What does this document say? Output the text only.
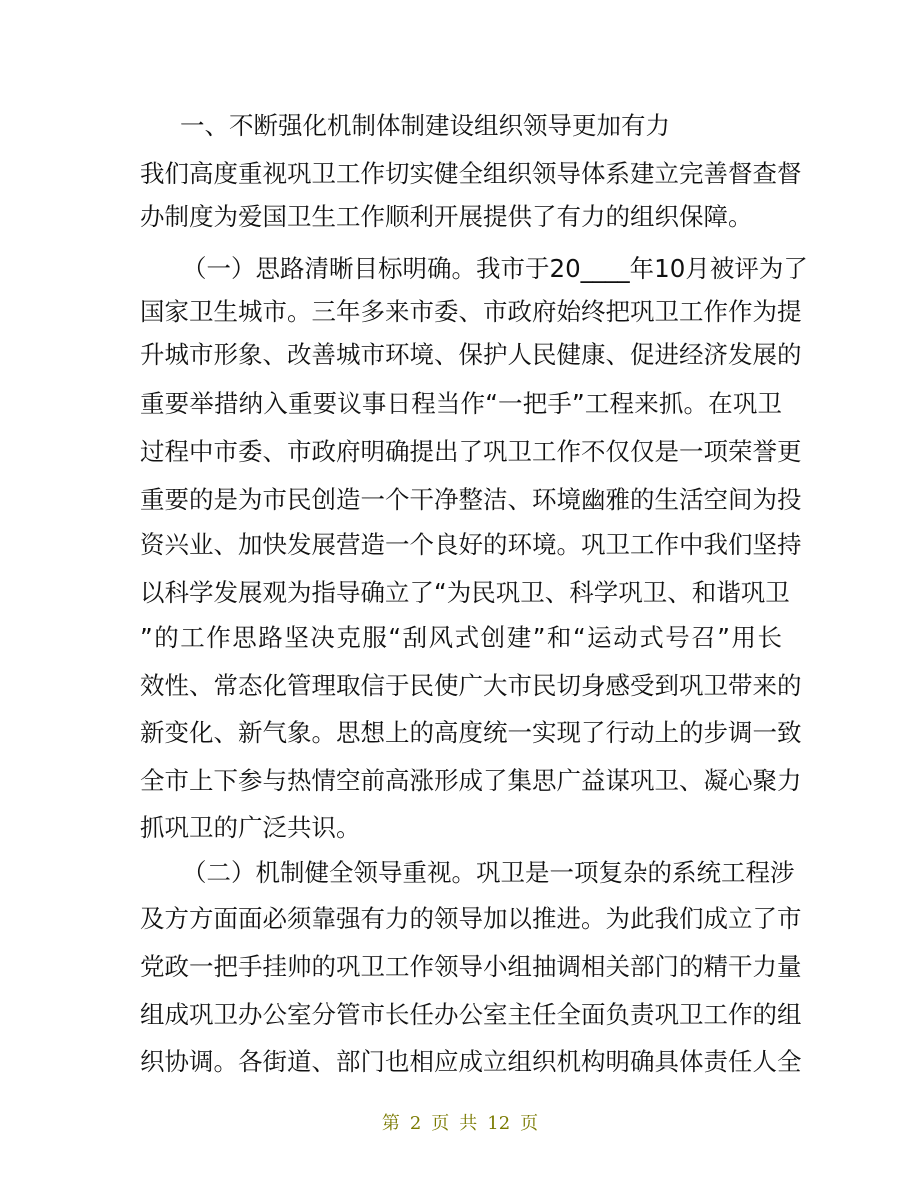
一、不断强化机制体制建设组织领导更加有力
我们高度重视巩卫工作切实健全组织领导体系建立完善督查督
办制度为爱国卫生工作顺利开展提供了有力的组织保障。
（一）思路清晰目标明确。我市于20____年10月被评为了
国家卫生城市。三年多来市委、市政府始终把巩卫工作作为提
升城市形象、改善城市环境、保护人民健康、促进经济发展的
重要举措纳入重要议事日程当作“一把手”工程来抓。在巩卫
过程中市委、市政府明确提出了巩卫工作不仅仅是一项荣誉更
重要的是为市民创造一个干净整洁、环境幽雅的生活空间为投
资兴业、加快发展营造一个良好的环境。巩卫工作中我们坚持
以科学发展观为指导确立了“为民巩卫、科学巩卫、和谐巩卫
”的工作思路坚决克服“刮风式创建”和“运动式号召”用长
效性、常态化管理取信于民使广大市民切身感受到巩卫带来的
新变化、新气象。思想上的高度统一实现了行动上的步调一致
全市上下参与热情空前高涨形成了集思广益谋巩卫、凝心聚力
抓巩卫的广泛共识。
（二）机制健全领导重视。巩卫是一项复杂的系统工程涉
及方方面面必须靠强有力的领导加以推进。为此我们成立了市
党政一把手挂帅的巩卫工作领导小组抽调相关部门的精干力量
组成巩卫办公室分管市长任办公室主任全面负责巩卫工作的组
织协调。各街道、部门也相应成立组织机构明确具体责任人全
第 2 页 共 12 页
